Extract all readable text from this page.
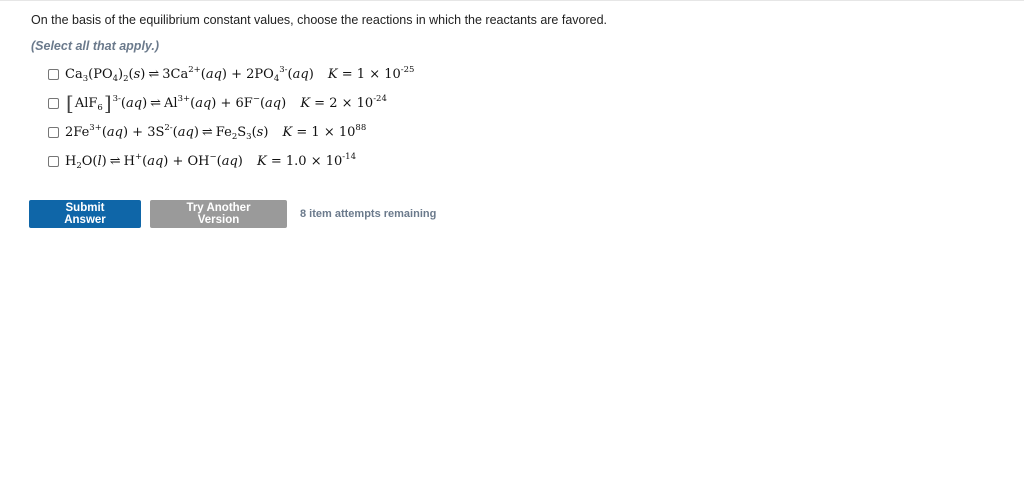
On the basis of the equilibrium constant values, choose the reactions in which the reactants are favored.
(Select all that apply.)
$Ca_3(PO_4)_2(s)$ ⇌ $3Ca^{2+}(aq) + 2PO_4^{3-}(aq) K = 1 \times 10^{-25}$
$[AlF_6]^{3-}(aq)$ ⇌ $Al^{3+}(aq) + 6F^-(aq) K = 2 \times 10^{-24}$
$2Fe^{3+}(aq) + 3S^{2-}(aq)$ ⇌ $Fe_2S_3(s) K = 1 \times 10^{88}$
$H_2O(l)$ ⇌ H+(aq) + OH−(aq) $K = 1.0 \times 10^{-14}$
Submit Answer
Try Another Version	8 item attempts remaining
